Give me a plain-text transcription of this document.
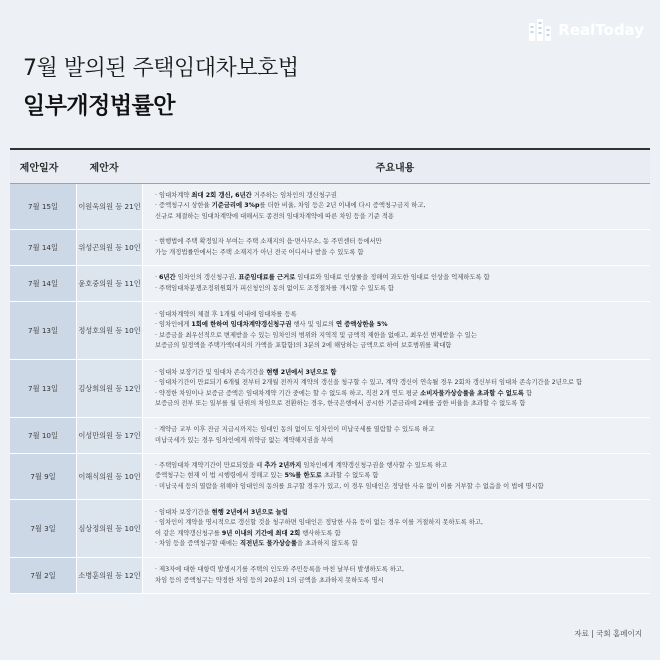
RealToday
7월 발의된 주택임대차보호법
일부개정법률안
제안일자	제안자	주요내용
7월 15일	이원욱의원 등 21인
· 임대차계약 최대 2회 갱신, 6년간 거주하는 임차인의 갱신청구권
· 증액청구시 상한율 기준금리에 3%p를 더한 비율, 차임 등은 2년 이내에 다시 증액청구금지 하고,
신규로 체결하는 임대차계약에 대해서도 종전의 임대차계약에 따른 차임 등을 기준 적용
7월 14일	위성곤의원 등 10인
· 현행법에 주택 확정일자 부여는 주택 소재지의 읍·면사무소, 동 주민센터 등에서만
가능 개정법률안에서는 주택 소재지가 아닌 전국 어디서나 받을 수 있도록 함
7월 14일	윤호중의원 등 11인
· 6년간 임차인의 갱신청구권, 표준임대료를 근거로 임대료와 임대료 인상률을 정해여 과도한 임대료 인상을 억제하도록 함
· 주택임대차분쟁조정위원회가 피신청인의 동의 없이도 조정절차를 개시할 수 있도록 함
7월 13일	정성호의원 등 10인
· 임대차계약의 체결 후 1개월 이내에 임대차를 등록
· 임차인에게 1회에 한하여 임대차계약갱신청구권 행사 및 임료의 연 증액상한을 5%
· 보증금을 최우선적으로 변제받을 수 있는 임차인의 범위와 지역적 및 금액적 제한을 없애고, 최우선 변제받을 수 있는
보증금의 일정액을 주택가액(대지의 가액을 포함함)의 3분의 2에 해당하는 금액으로 하여 보호범위를 확대함
7월 13일	김상희의원 등 12인
· 임대차 보장기간 및 임대차 존속기간을 현행 2년에서 3년으로 함
· 임대차기간이 만료되기 6개월 전부터 2개월 전까지 계약의 갱신을 청구할 수 있고, 계약 갱신이 연속될 경우 2회차 갱신부터 임대차 존속기간을 2년으로 함
· 약정한 차임이나 보증금 증액은 임대차계약 기간 중에는 할 수 없도록 하고, 직전 2개 연도 평균 소비자물가상승률을 초과할 수 없도록 함
보증금의 전부 또는 일부를 월 단위의 차임으로 전환하는 경우, 한국은행에서 공시한 기준금리에 2배를 곱한 비율을 초과할 수 없도록 함
7월 10일	이성만의원 등 17인
· 계약금 교부 이후 잔금 지급시까지는 임대인 동의 없이도 임차인이 미납국세를 열람할 수 있도록 하고
미납국세가 있는 경우 임차인에게 위약금 없는 계약해지권을 부여
7월 9일	이해식의원 등 10인
· 주택임대차 계약기간이 만료되었을 때 추가 2년까지 임차인에게 계약갱신청구권을 행사할 수 있도록 하고
증액청구는 현재 이 법 시행령에서 정해고 있는 5%를 한도로 초과할 수 없도록 함
· 미납국세 등의 열람을 위해야 임대인의 동의를 요구할 경우가 있고, 이 경우 임대인은 정당한 사유 없이 이를 거부할 수 없음을 이 법에 명시함
7월 3일	심상정의원 등 10인
· 임대차 보장기간을 현행 2년에서 3년으로 늘림
· 임차인이 계약을 명시적으로 갱신할 것을 청구하면 임대인은 정당한 사유 등이 없는 경우 이를 거절하지 못하도록 하고,
이 같은 계약갱신청구를 9년 이내의 기간에 최대 2회 행사하도록 함
· 차임 등을 증액청구할 때에는 직전년도 물가상승률을 초과하지 않도록 함
7월 2일	소병훈의원 등 12인
· 제3자에 대한 대항력 발생시기를 주택의 인도와 주민등록을 마친 날부터 발생하도록 하고,
차임 등의 증액청구는 약정한 차임 등의 20분의 1의 금액을 초과하지 못하도록 명시
자료 | 국회 홈페이지
